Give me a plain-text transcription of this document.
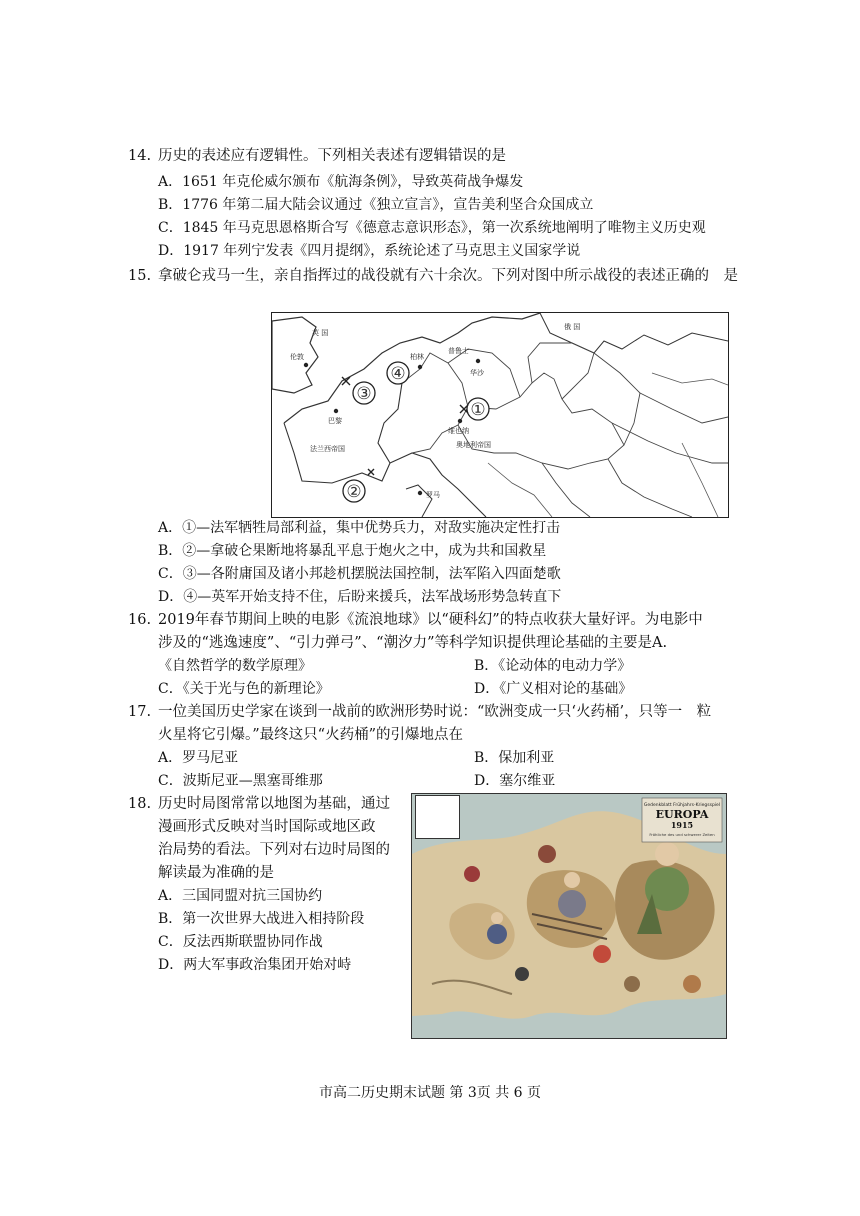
14. 历史的表述应有逻辑性。下列相关表述有逻辑错误的是
A．1651 年克伦威尔颁布《航海条例》，导致英荷战争爆发
B．1776 年第二届大陆会议通过《独立宣言》，宣告美利坚合众国成立
C．1845 年马克思恩格斯合写《德意志意识形态》，第一次系统地阐明了唯物主义历史观
D．1917 年列宁发表《四月提纲》，系统论述了马克思主义国家学说
15. 拿破仑戎马一生，亲自指挥过的战役就有六十余次。下列对图中所示战役的表述正确的　是
英 国
俄 国
伦敦	柏林
普鲁士
华沙
巴黎
维也纳
奥地利帝国
法兰西帝国
罗马
①
②
③
④
A．①—法军牺牲局部利益，集中优势兵力，对敌实施决定性打击
B．②—拿破仑果断地将暴乱平息于炮火之中，成为共和国救星
C．③—各附庸国及诸小邦趁机摆脱法国控制，法军陷入四面楚歌
D．④—英军开始支持不住，后盼来援兵，法军战场形势急转直下
16. 2019年春节期间上映的电影《流浪地球》以“硬科幻”的特点收获大量好评。为电影中
涉及的“逃逸速度”、“引力弹弓”、“潮汐力”等科学知识提供理论基础的主要是A.
《自然哲学的数学原理》	B．《论动体的电动力学》
C．《关于光与色的新理论》	D．《广义相对论的基础》
17. 一位美国历史学家在谈到一战前的欧洲形势时说：“欧洲变成一只‘火药桶’，只等一　粒
火星将它引爆。”最终这只“火药桶”的引爆地点在
A．罗马尼亚	B．保加利亚
C．波斯尼亚—黑塞哥维那	D．塞尔维亚
18. 历史时局图常常以地图为基础，通过
漫画形式反映对当时国际或地区政
治局势的看法。下列对右边时局图的
解读最为准确的是
A．三国同盟对抗三国协约
B．第一次世界大战进入相持阶段
C．反法西斯联盟协同作战
D．两大军事政治集团开始对峙
Gedenkblatt Frühjahrs-Kriegsspiel
EUROPA
1915
Fröhliche des und schwerer Zeiten
市高二历史期末试题 第 3页 共 6 页
